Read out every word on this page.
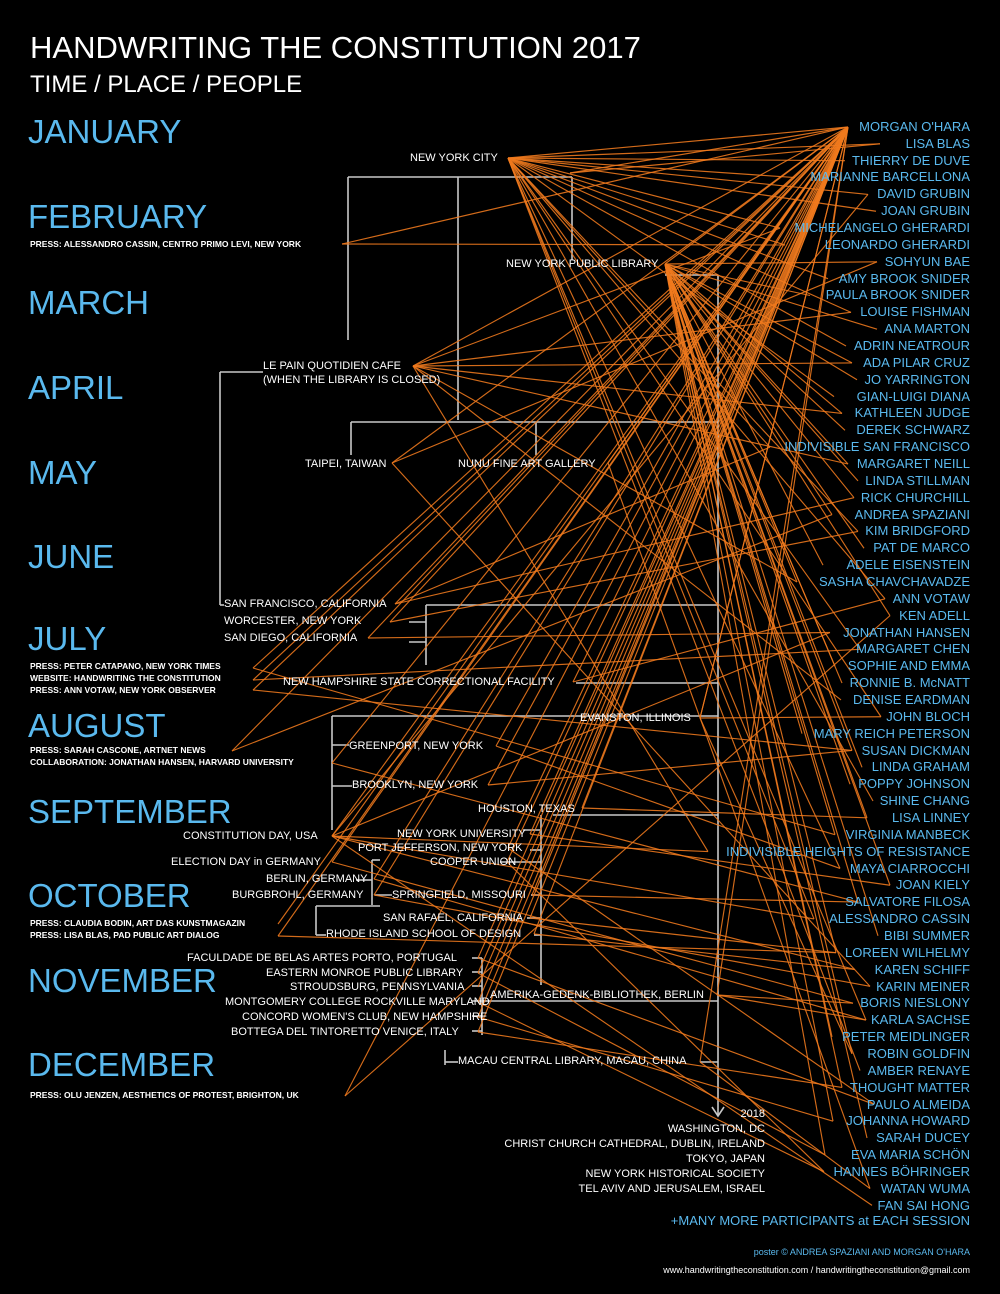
HANDWRITING THE CONSTITUTION 2017
TIME / PLACE / PEOPLE
JANUARY
FEBRUARY
MARCH
APRIL
MAY
JUNE
JULY
AUGUST
SEPTEMBER
OCTOBER
NOVEMBER
DECEMBER
PRESS: ALESSANDRO CASSIN, CENTRO PRIMO LEVI, NEW YORK
PRESS: PETER CATAPANO, NEW YORK TIMES
WEBSITE: HANDWRITING THE CONSTITUTION
PRESS: ANN VOTAW, NEW YORK OBSERVER
PRESS: SARAH CASCONE, ARTNET NEWS
COLLABORATION: JONATHAN HANSEN, HARVARD UNIVERSITY
PRESS: CLAUDIA BODIN, ART DAS KUNSTMAGAZIN
PRESS: LISA BLAS, PAD PUBLIC ART DIALOG
PRESS: OLU JENZEN, AESTHETICS OF PROTEST, BRIGHTON, UK
NEW YORK CITY
NEW YORK PUBLIC LIBRARY
LE PAIN QUOTIDIEN CAFE
(WHEN THE LIBRARY IS CLOSED)
TAIPEI, TAIWAN	NUNU FINE ART GALLERY
SAN FRANCISCO, CALIFORNIA
WORCESTER, NEW YORK
SAN DIEGO, CALIFORNIA
NEW HAMPSHIRE STATE CORRECTIONAL FACILITY
EVANSTON, ILLINOIS
GREENPORT, NEW YORK
BROOKLYN, NEW YORK
HOUSTON, TEXAS
CONSTITUTION DAY, USA	NEW YORK UNIVERSITY
PORT JEFFERSON, NEW YORK
COOPER UNION
ELECTION DAY in GERMANY
BERLIN, GERMANY
BURGBROHL, GERMANY	SPRINGFIELD, MISSOURI
SAN RAFAEL, CALIFORNIA
RHODE ISLAND SCHOOL OF DESIGN
FACULDADE DE BELAS ARTES PORTO, PORTUGAL
EASTERN MONROE PUBLIC LIBRARY
STROUDSBURG, PENNSYLVANIA
MONTGOMERY COLLEGE ROCKVILLE MARYLAND
CONCORD WOMEN'S CLUB, NEW HAMPSHIRE
BOTTEGA DEL TINTORETTO VENICE, ITALY
AMERIKA-GEDENK-BIBLIOTHEK, BERLIN
MACAU CENTRAL LIBRARY, MACAU, CHINA
2018
WASHINGTON, DC
CHRIST CHURCH CATHEDRAL, DUBLIN, IRELAND
TOKYO, JAPAN
NEW YORK HISTORICAL SOCIETY
TEL AVIV AND JERUSALEM, ISRAEL
MORGAN O'HARA
LISA BLAS
THIERRY DE DUVE
MARIANNE BARCELLONA
DAVID GRUBIN
JOAN GRUBIN
MICHELANGELO GHERARDI
LEONARDO GHERARDI
SOHYUN BAE
AMY BROOK SNIDER
PAULA BROOK SNIDER
LOUISE FISHMAN
ANA MARTON
ADRIN NEATROUR
ADA PILAR CRUZ
JO YARRINGTON
GIAN-LUIGI DIANA
KATHLEEN JUDGE
DEREK SCHWARZ
INDIVISIBLE SAN FRANCISCO
MARGARET NEILL
LINDA STILLMAN
RICK CHURCHILL
ANDREA SPAZIANI
KIM BRIDGFORD
PAT DE MARCO
ADELE EISENSTEIN
SASHA CHAVCHAVADZE
ANN VOTAW
KEN ADELL
JONATHAN HANSEN
MARGARET CHEN
SOPHIE AND EMMA
RONNIE B. McNATT
DENISE EARDMAN
JOHN BLOCH
MARY REICH PETERSON
SUSAN DICKMAN
LINDA GRAHAM
POPPY JOHNSON
SHINE CHANG
LISA LINNEY
VIRGINIA MANBECK
INDIVISIBLE HEIGHTS OF RESISTANCE
MAYA CIARROCCHI
JOAN KIELY
SALVATORE FILOSA
ALESSANDRO CASSIN
BIBI SUMMER
LOREEN WILHELMY
KAREN SCHIFF
KARIN MEINER
BORIS NIESLONY
KARLA SACHSE
PETER MEIDLINGER
ROBIN GOLDFIN
AMBER RENAYE
THOUGHT MATTER
PAULO ALMEIDA
JOHANNA HOWARD
SARAH DUCEY
EVA MARIA SCHÖN
HANNES BÖHRINGER
WATAN WUMA
FAN SAI HONG
+MANY MORE PARTICIPANTS at EACH SESSION
poster © ANDREA SPAZIANI AND MORGAN O'HARA
www.handwritingtheconstitution.com / handwritingtheconstitution@gmail.com
